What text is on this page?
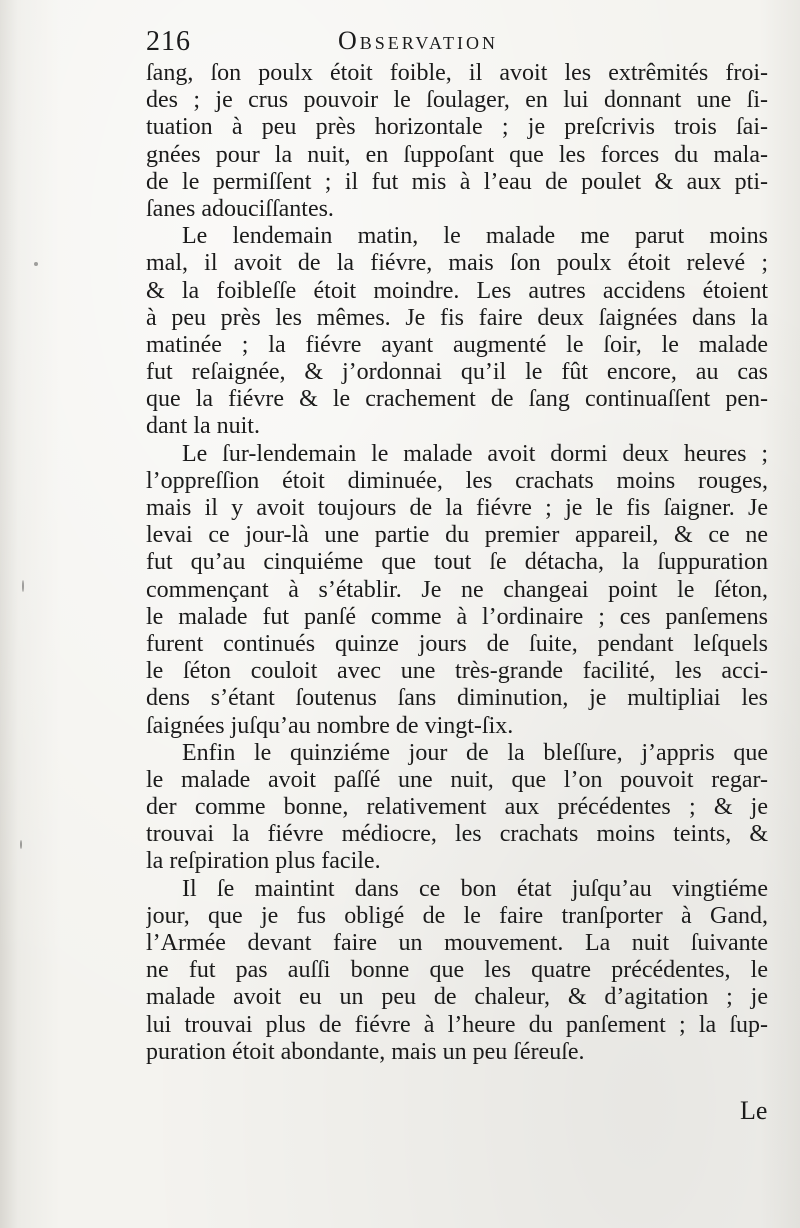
216	Observation
ſang, ſon poulx étoit foible, il avoit les extrêmités froi-
des ; je crus pouvoir le ſoulager, en lui donnant une ſi-
tuation à peu près horizontale ; je preſcrivis trois ſai-
gnées pour la nuit, en ſuppoſant que les forces du mala-
de le permiſſent ; il fut mis à l’eau de poulet & aux pti-
ſanes adouciſſantes.
Le lendemain matin, le malade me parut moins
mal, il avoit de la fiévre, mais ſon poulx étoit relevé ;
& la foibleſſe étoit moindre. Les autres accidens étoient
à peu près les mêmes. Je fis faire deux ſaignées dans la
matinée ; la fiévre ayant augmenté le ſoir, le malade
fut reſaignée, & j’ordonnai qu’il le fût encore, au cas
que la fiévre & le crachement de ſang continuaſſent pen-
dant la nuit.
Le ſur-lendemain le malade avoit dormi deux heures ;
l’oppreſſion étoit diminuée, les crachats moins rouges,
mais il y avoit toujours de la fiévre ; je le fis ſaigner. Je
levai ce jour-là une partie du premier appareil, & ce ne
fut qu’au cinquiéme que tout ſe détacha, la ſuppuration
commençant à s’établir. Je ne changeai point le ſéton,
le malade fut panſé comme à l’ordinaire ; ces panſemens
furent continués quinze jours de ſuite, pendant leſquels
le ſéton couloit avec une très-grande facilité, les acci-
dens s’étant ſoutenus ſans diminution, je multipliai les
ſaignées juſqu’au nombre de vingt-ſix.
Enfin le quinziéme jour de la bleſſure, j’appris que
le malade avoit paſſé une nuit, que l’on pouvoit regar-
der comme bonne, relativement aux précédentes ; & je
trouvai la fiévre médiocre, les crachats moins teints, &
la reſpiration plus facile.
Il ſe maintint dans ce bon état juſqu’au vingtiéme
jour, que je fus obligé de le faire tranſporter à Gand,
l’Armée devant faire un mouvement. La nuit ſuivante
ne fut pas auſſi bonne que les quatre précédentes, le
malade avoit eu un peu de chaleur, & d’agitation ; je
lui trouvai plus de fiévre à l’heure du panſement ; la ſup-
puration étoit abondante, mais un peu ſéreuſe.
Le
